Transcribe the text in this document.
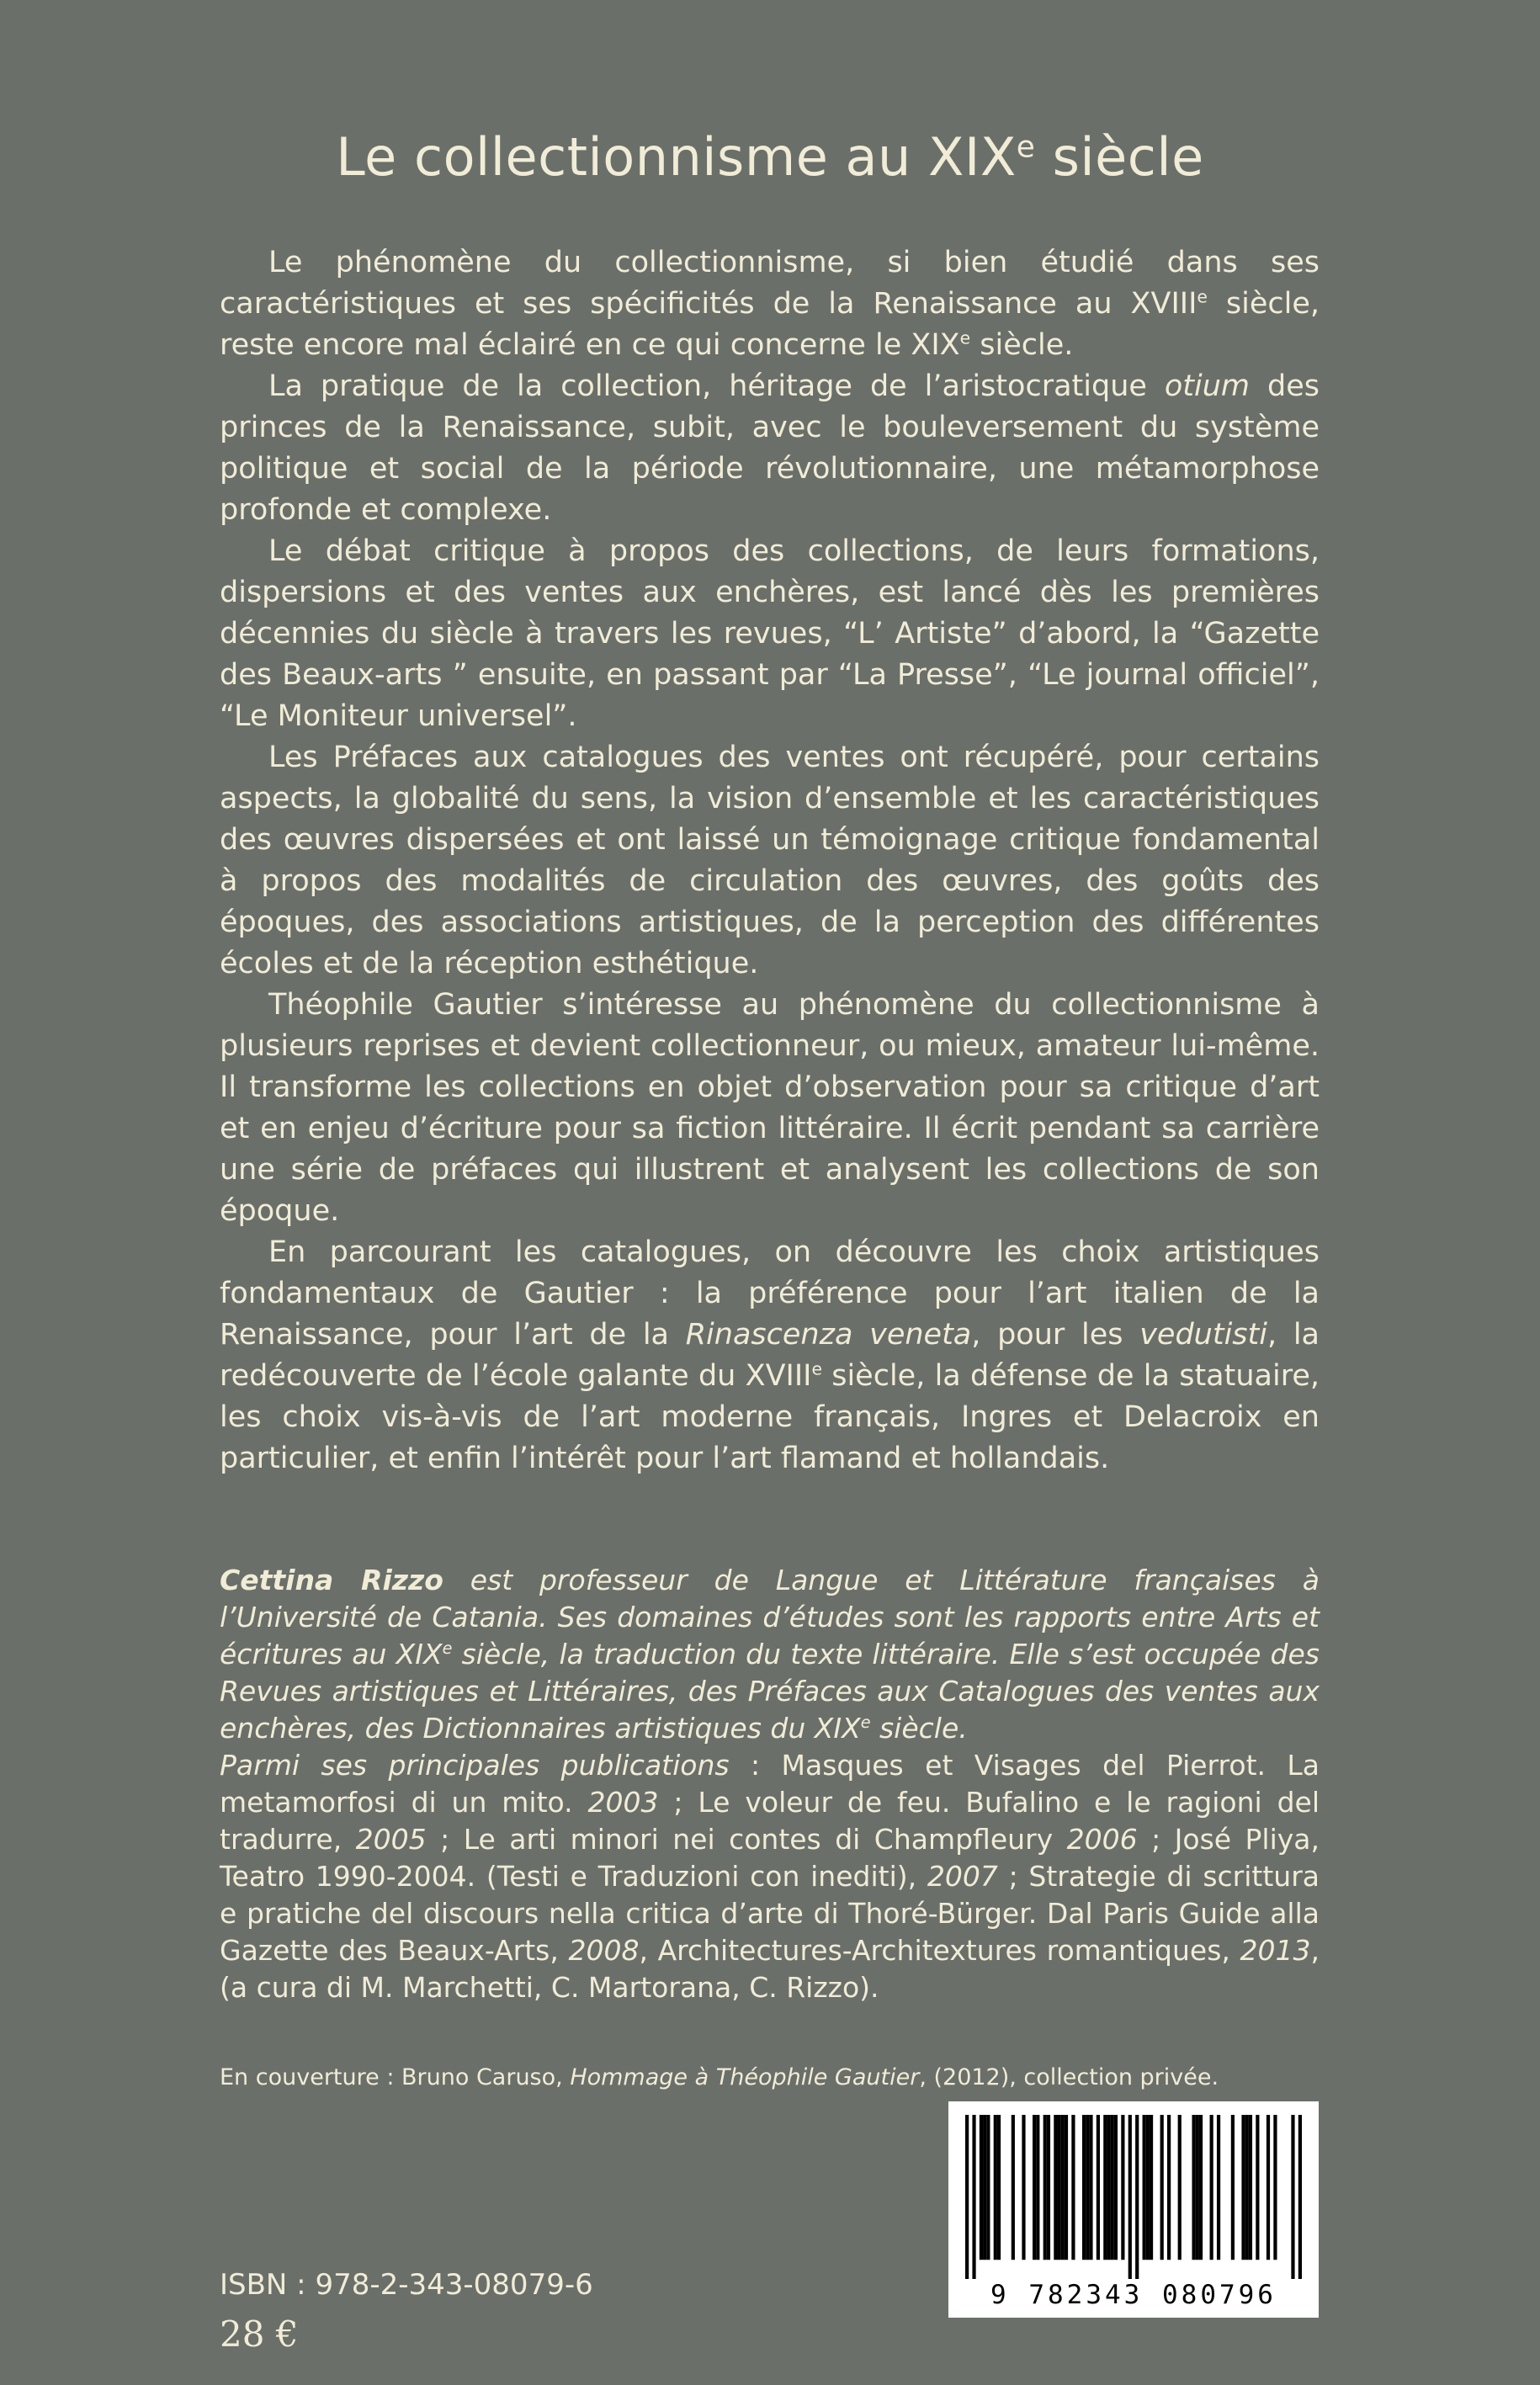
Le collectionnisme au XIXe siècle

Le phénomène du collectionnisme, si bien étudié dans ses caractéristiques et ses spécificités de la Renaissance au XVIIIe siècle, reste encore mal éclairé en ce qui concerne le XIXe siècle.

La pratique de la collection, héritage de l’aristocratique otium des princes de la Renaissance, subit, avec le bouleversement du système politique et social de la période révolutionnaire, une métamorphose profonde et complexe.

Le débat critique à propos des collections, de leurs formations, dispersions et des ventes aux enchères, est lancé dès les premières décennies du siècle à travers les revues, “L’ Artiste” d’abord, la “Gazette des Beaux-arts ” ensuite, en passant par “La Presse”, “Le journal officiel”, “Le Moniteur universel”.

Les Préfaces aux catalogues des ventes ont récupéré, pour certains aspects, la globalité du sens, la vision d’ensemble et les caractéristiques des œuvres dispersées et ont laissé un témoignage critique fondamental à propos des modalités de circulation des œuvres, des goûts des époques, des associations artistiques, de la perception des différentes écoles et de la réception esthétique.

Théophile Gautier s’intéresse au phénomène du collectionnisme à plusieurs reprises et devient collectionneur, ou mieux, amateur lui-même. Il transforme les collections en objet d’observation pour sa critique d’art et en enjeu d’écriture pour sa fiction littéraire. Il écrit pendant sa carrière une série de préfaces qui illustrent et analysent les collections de son époque.

En parcourant les catalogues, on découvre les choix artistiques fondamentaux de Gautier : la préférence pour l’art italien de la Renaissance, pour l’art de la Rinascenza veneta, pour les vedutisti, la redécouverte de l’école galante du XVIIIe siècle, la défense de la statuaire, les choix vis-à-vis de l’art moderne français, Ingres et Delacroix en particulier, et enfin l’intérêt pour l’art flamand et hollandais.

Cettina Rizzo est professeur de Langue et Littérature françaises à l’Université de Catania. Ses domaines d’études sont les rapports entre Arts et écritures au XIXe siècle, la traduction du texte littéraire. Elle s’est occupée des Revues artistiques et Littéraires, des Préfaces aux Catalogues des ventes aux enchères, des Dictionnaires artistiques du XIXe siècle.

Parmi ses principales publications : Masques et Visages del Pierrot. La metamorfosi di un mito. 2003 ; Le voleur de feu. Bufalino e le ragioni del tradurre, 2005 ; Le arti minori nei contes di Champfleury 2006 ; José Pliya, Teatro 1990-2004. (Testi e Traduzioni con inediti), 2007 ; Strategie di scrittura e pratiche del discours nella critica d’arte di Thoré-Bürger. Dal Paris Guide alla Gazette des Beaux-Arts, 2008, Architectures-Architextures romantiques, 2013, (a cura di M. Marchetti, C. Martorana, C. Rizzo).

En couverture : Bruno Caruso, Hommage à Théophile Gautier, (2012), collection privée.

9 782343 080796
ISBN : 978-2-343-08079-6
28 €
